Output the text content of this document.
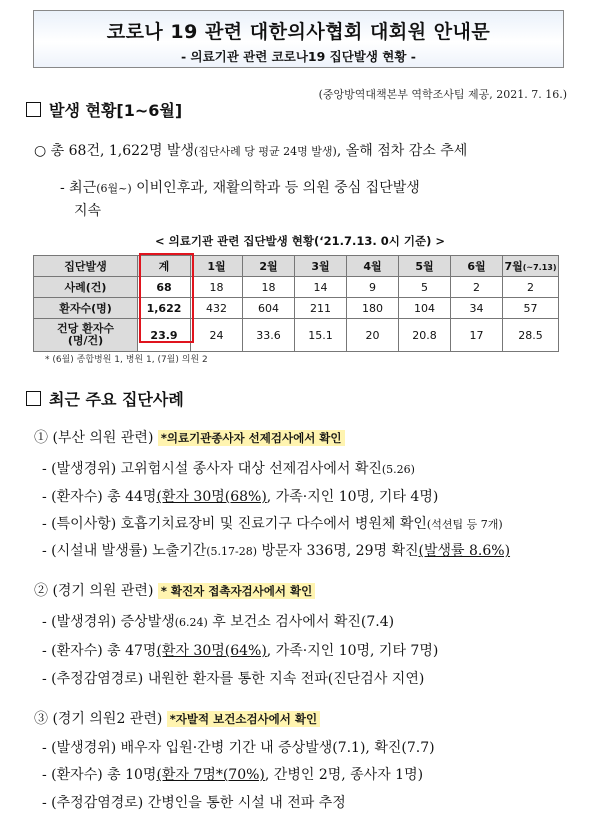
코로나 19 관련 대한의사협회 대회원 안내문
- 의료기관 관련 코로나19 집단발생 현황 -
(중앙방역대책본부 역학조사팀 제공, 2021. 7. 16.)
발생 현황[1~6월]
○ 총 68건, 1,622명 발생(집단사례 당 평균 24명 발생), 올해 점차 감소 추세
- 최근(6월~) 이비인후과, 재활의학과 등 의원 중심 집단발생
지속
< 의료기관 관련 집단발생 현황(‘21.7.13. 0시 기준) >
집단발생	계	1월	2월	3월	4월	5월	6월	7월(~7.13)
사례(건)	68	18	18	14	9	5	2	2
환자수(명)	1,622	432	604	211	180	104	34	57
건당 환자수
(명/건)	23.9	24	33.6	15.1	20	20.8	17	28.5
* (6월) 종합병원 1, 병원 1, (7월) 의원 2
최근 주요 집단사례
① (부산 의원 관련) *의료기관종사자 선제검사에서 확인
- (발생경위) 고위험시설 종사자 대상 선제검사에서 확진(5.26)
- (환자수) 총 44명(환자 30명(68%), 가족·지인 10명, 기타 4명)
- (특이사항) 호흡기치료장비 및 진료기구 다수에서 병원체 확인(석션팁 등 7개)
- (시설내 발생률) 노출기간(5.17-28) 방문자 336명, 29명 확진(발생률 8.6%)
② (경기 의원 관련) * 확진자 접촉자검사에서 확인
- (발생경위) 증상발생(6.24) 후 보건소 검사에서 확진(7.4)
- (환자수) 총 47명(환자 30명(64%), 가족·지인 10명, 기타 7명)
- (추정감염경로) 내원한 환자를 통한 지속 전파(진단검사 지연)
③ (경기 의원2 관련) *자발적 보건소검사에서 확인
- (발생경위) 배우자 입원·간병 기간 내 증상발생(7.1), 확진(7.7)
- (환자수) 총 10명(환자 7명*(70%), 간병인 2명, 종사자 1명)
- (추정감염경로) 간병인을 통한 시설 내 전파 추정
